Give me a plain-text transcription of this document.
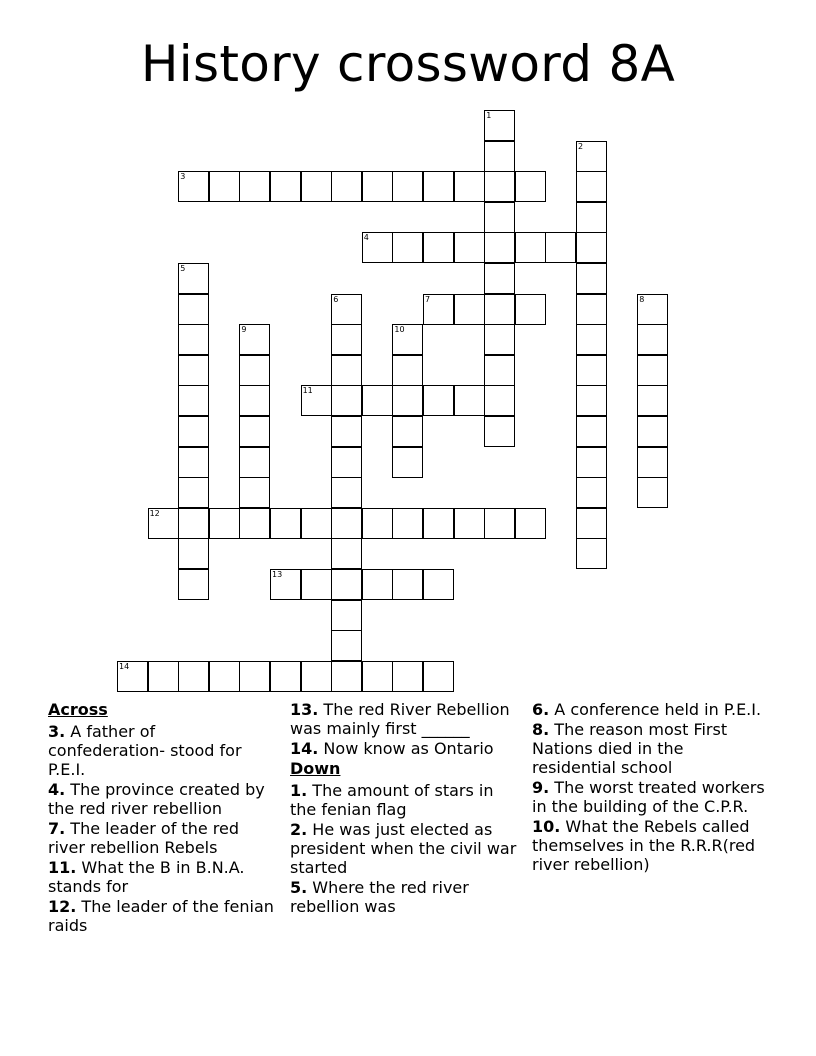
History crossword 8A
1
2
3
4
5
6	7	8
9	10
11
12
13
14
Across
3. A father of confederation- stood for P.E.I.
4. The province created by the red river rebellion
7. The leader of the red river rebellion Rebels
11. What the B in B.N.A. stands for
12. The leader of the fenian raids
13. The red River Rebellion was mainly first ______
14. Now know as Ontario
Down
1. The amount of stars in the fenian flag
2. He was just elected as president when the civil war started
5. Where the red river rebellion was
6. A conference held in P.E.I.
8. The reason most First Nations died in the residential school
9. The worst treated workers in the building of the C.P.R.
10. What the Rebels called themselves in the R.R.R(red river rebellion)
